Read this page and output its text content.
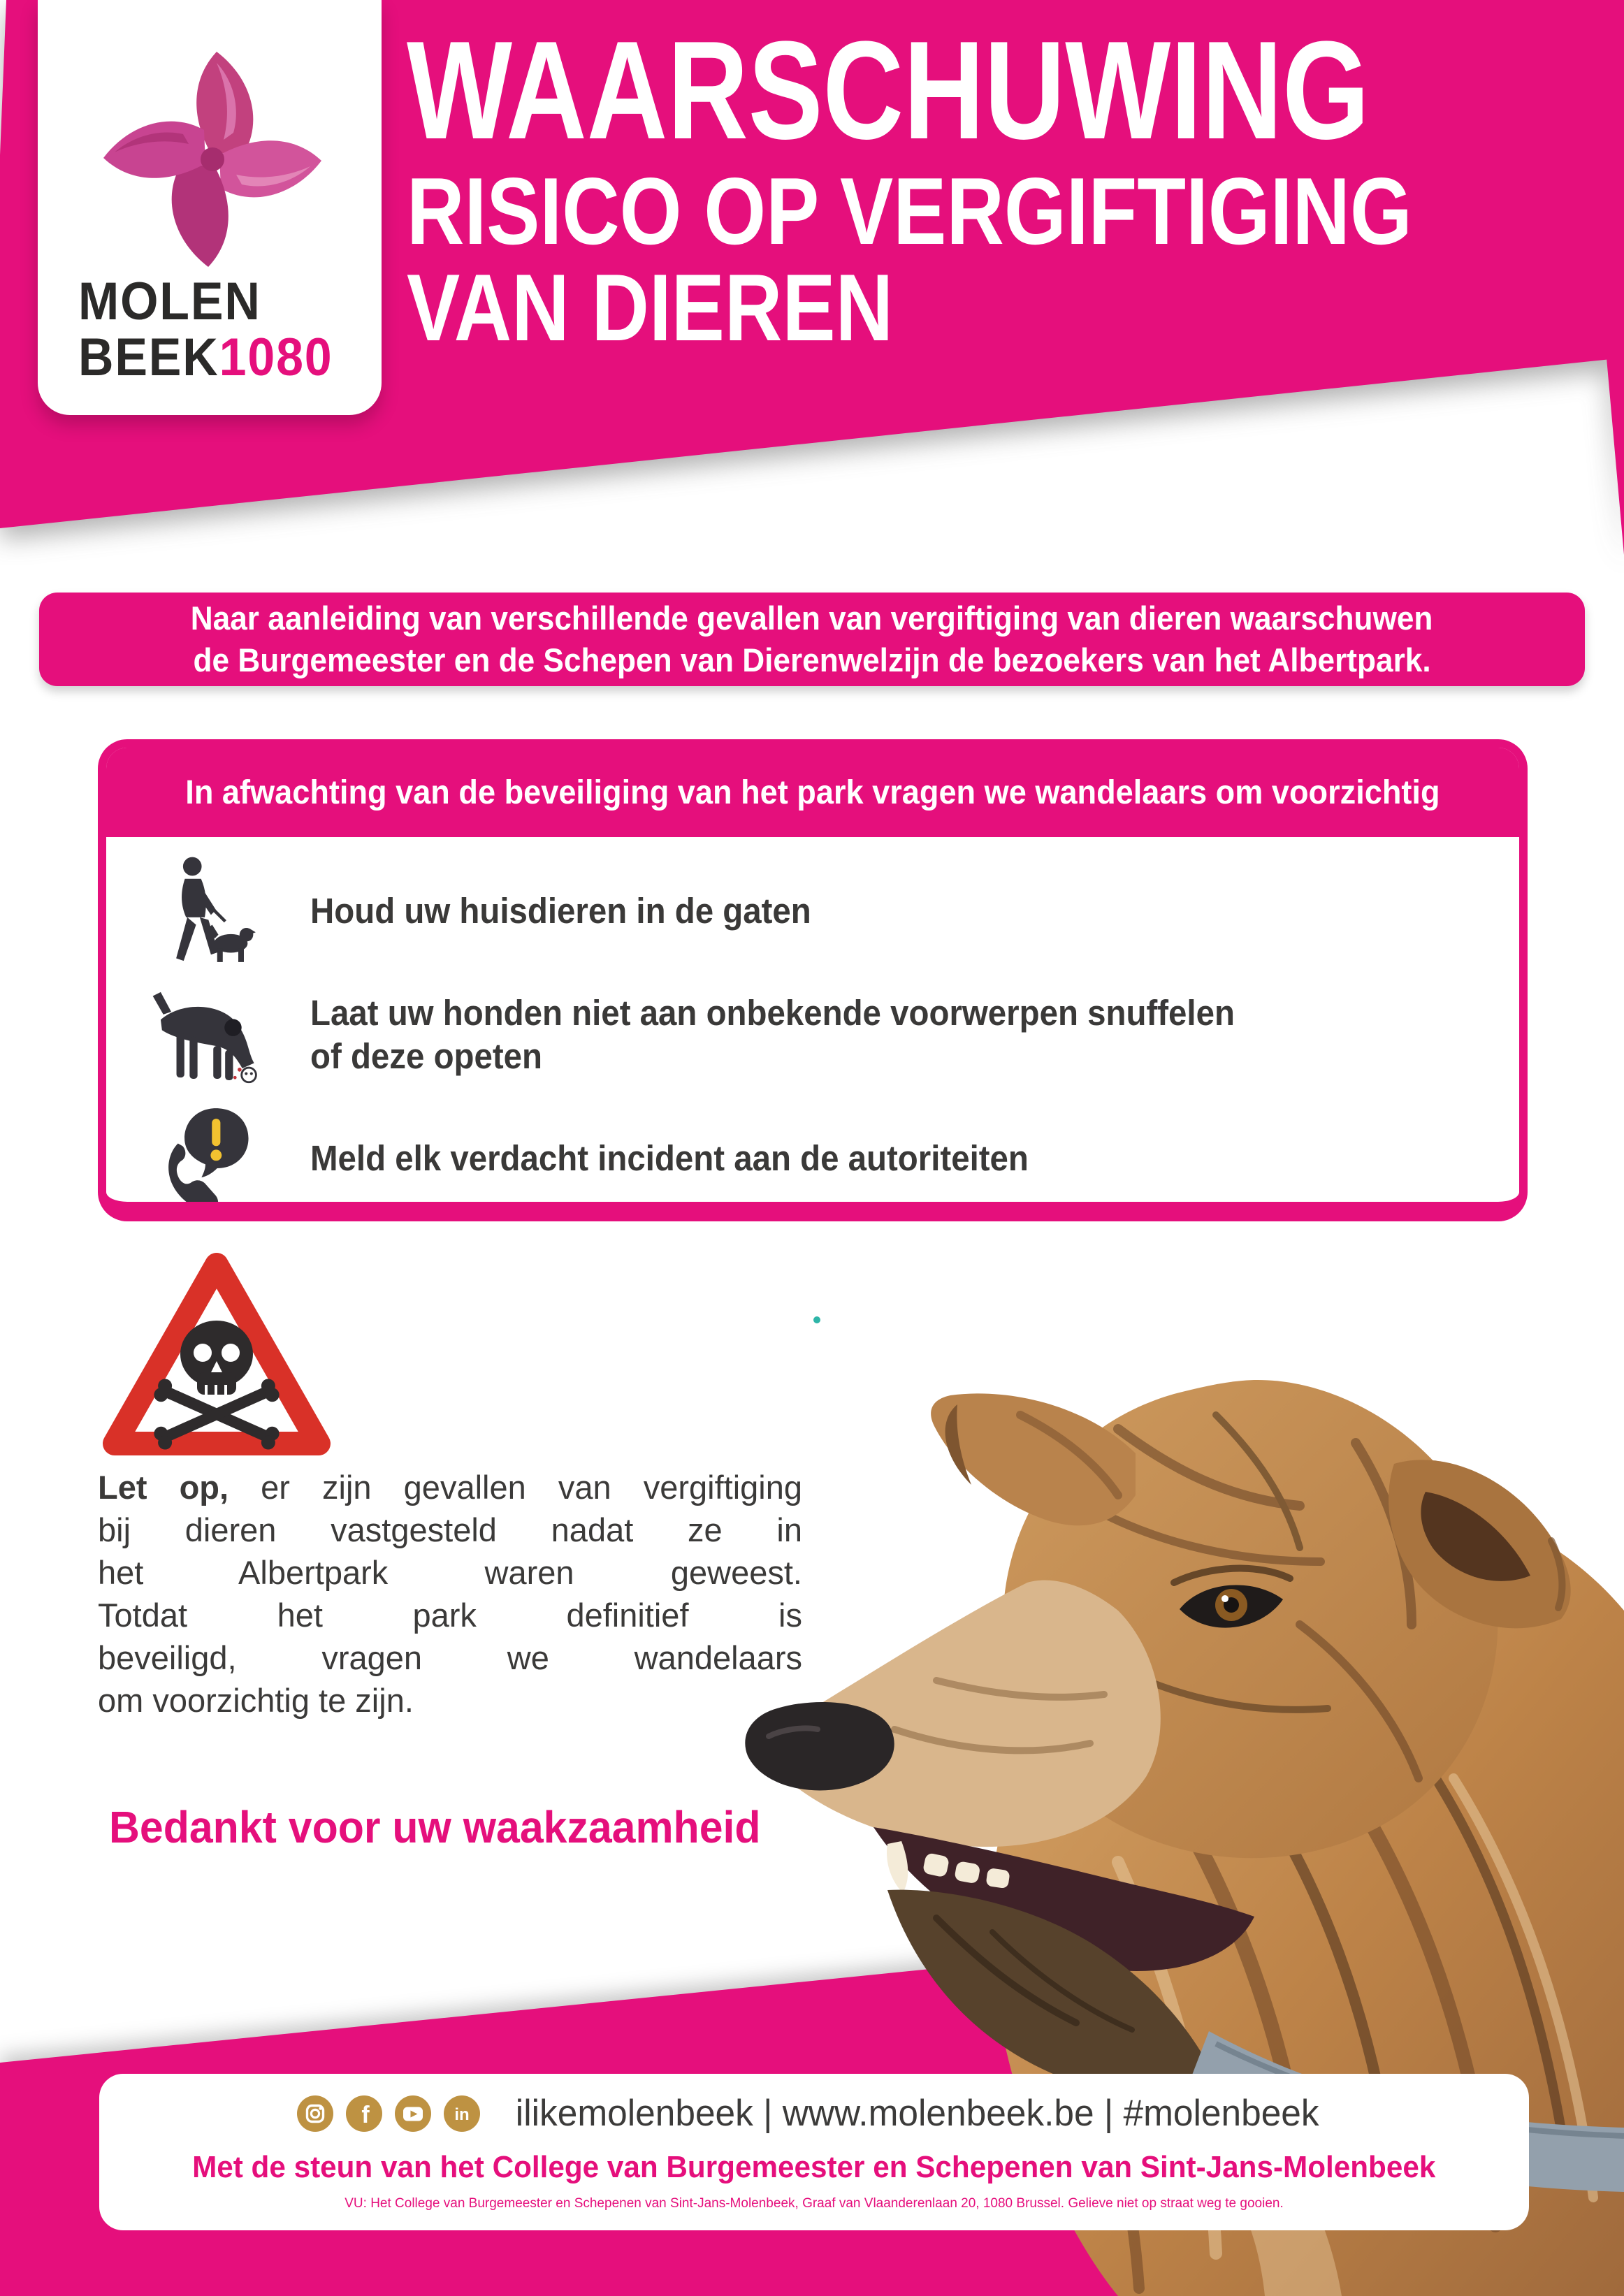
MOLEN
BEEK1080
WAARSCHUWING
RISICO OP VERGIFTIGING
VAN DIEREN
Naar aanleiding van verschillende gevallen van vergiftiging van dieren waarschuwen
de Burgemeester en de Schepen van Dierenwelzijn de bezoekers van het Albertpark.
In afwachting van de beveiliging van het park vragen we wandelaars om voorzichtig
Houd uw huisdieren in de gaten
Laat uw honden niet aan onbekende voorwerpen snuffelen
of deze opeten
Meld elk verdacht incident aan de autoriteiten
Let op, er zijn gevallen van vergiftiging
bij dieren vastgesteld nadat ze in
het Albertpark waren geweest.
Totdat het park definitief is
beveiligd, vragen we wandelaars
om voorzichtig te zijn.
Bedankt voor uw waakzaamheid
f	in ilikemolenbeek | www.molenbeek.be | #molenbeek
Met de steun van het College van Burgemeester en Schepenen van Sint-Jans-Molenbeek
VU: Het College van Burgemeester en Schepenen van Sint-Jans-Molenbeek, Graaf van Vlaanderenlaan 20, 1080 Brussel. Gelieve niet op straat weg te gooien.
